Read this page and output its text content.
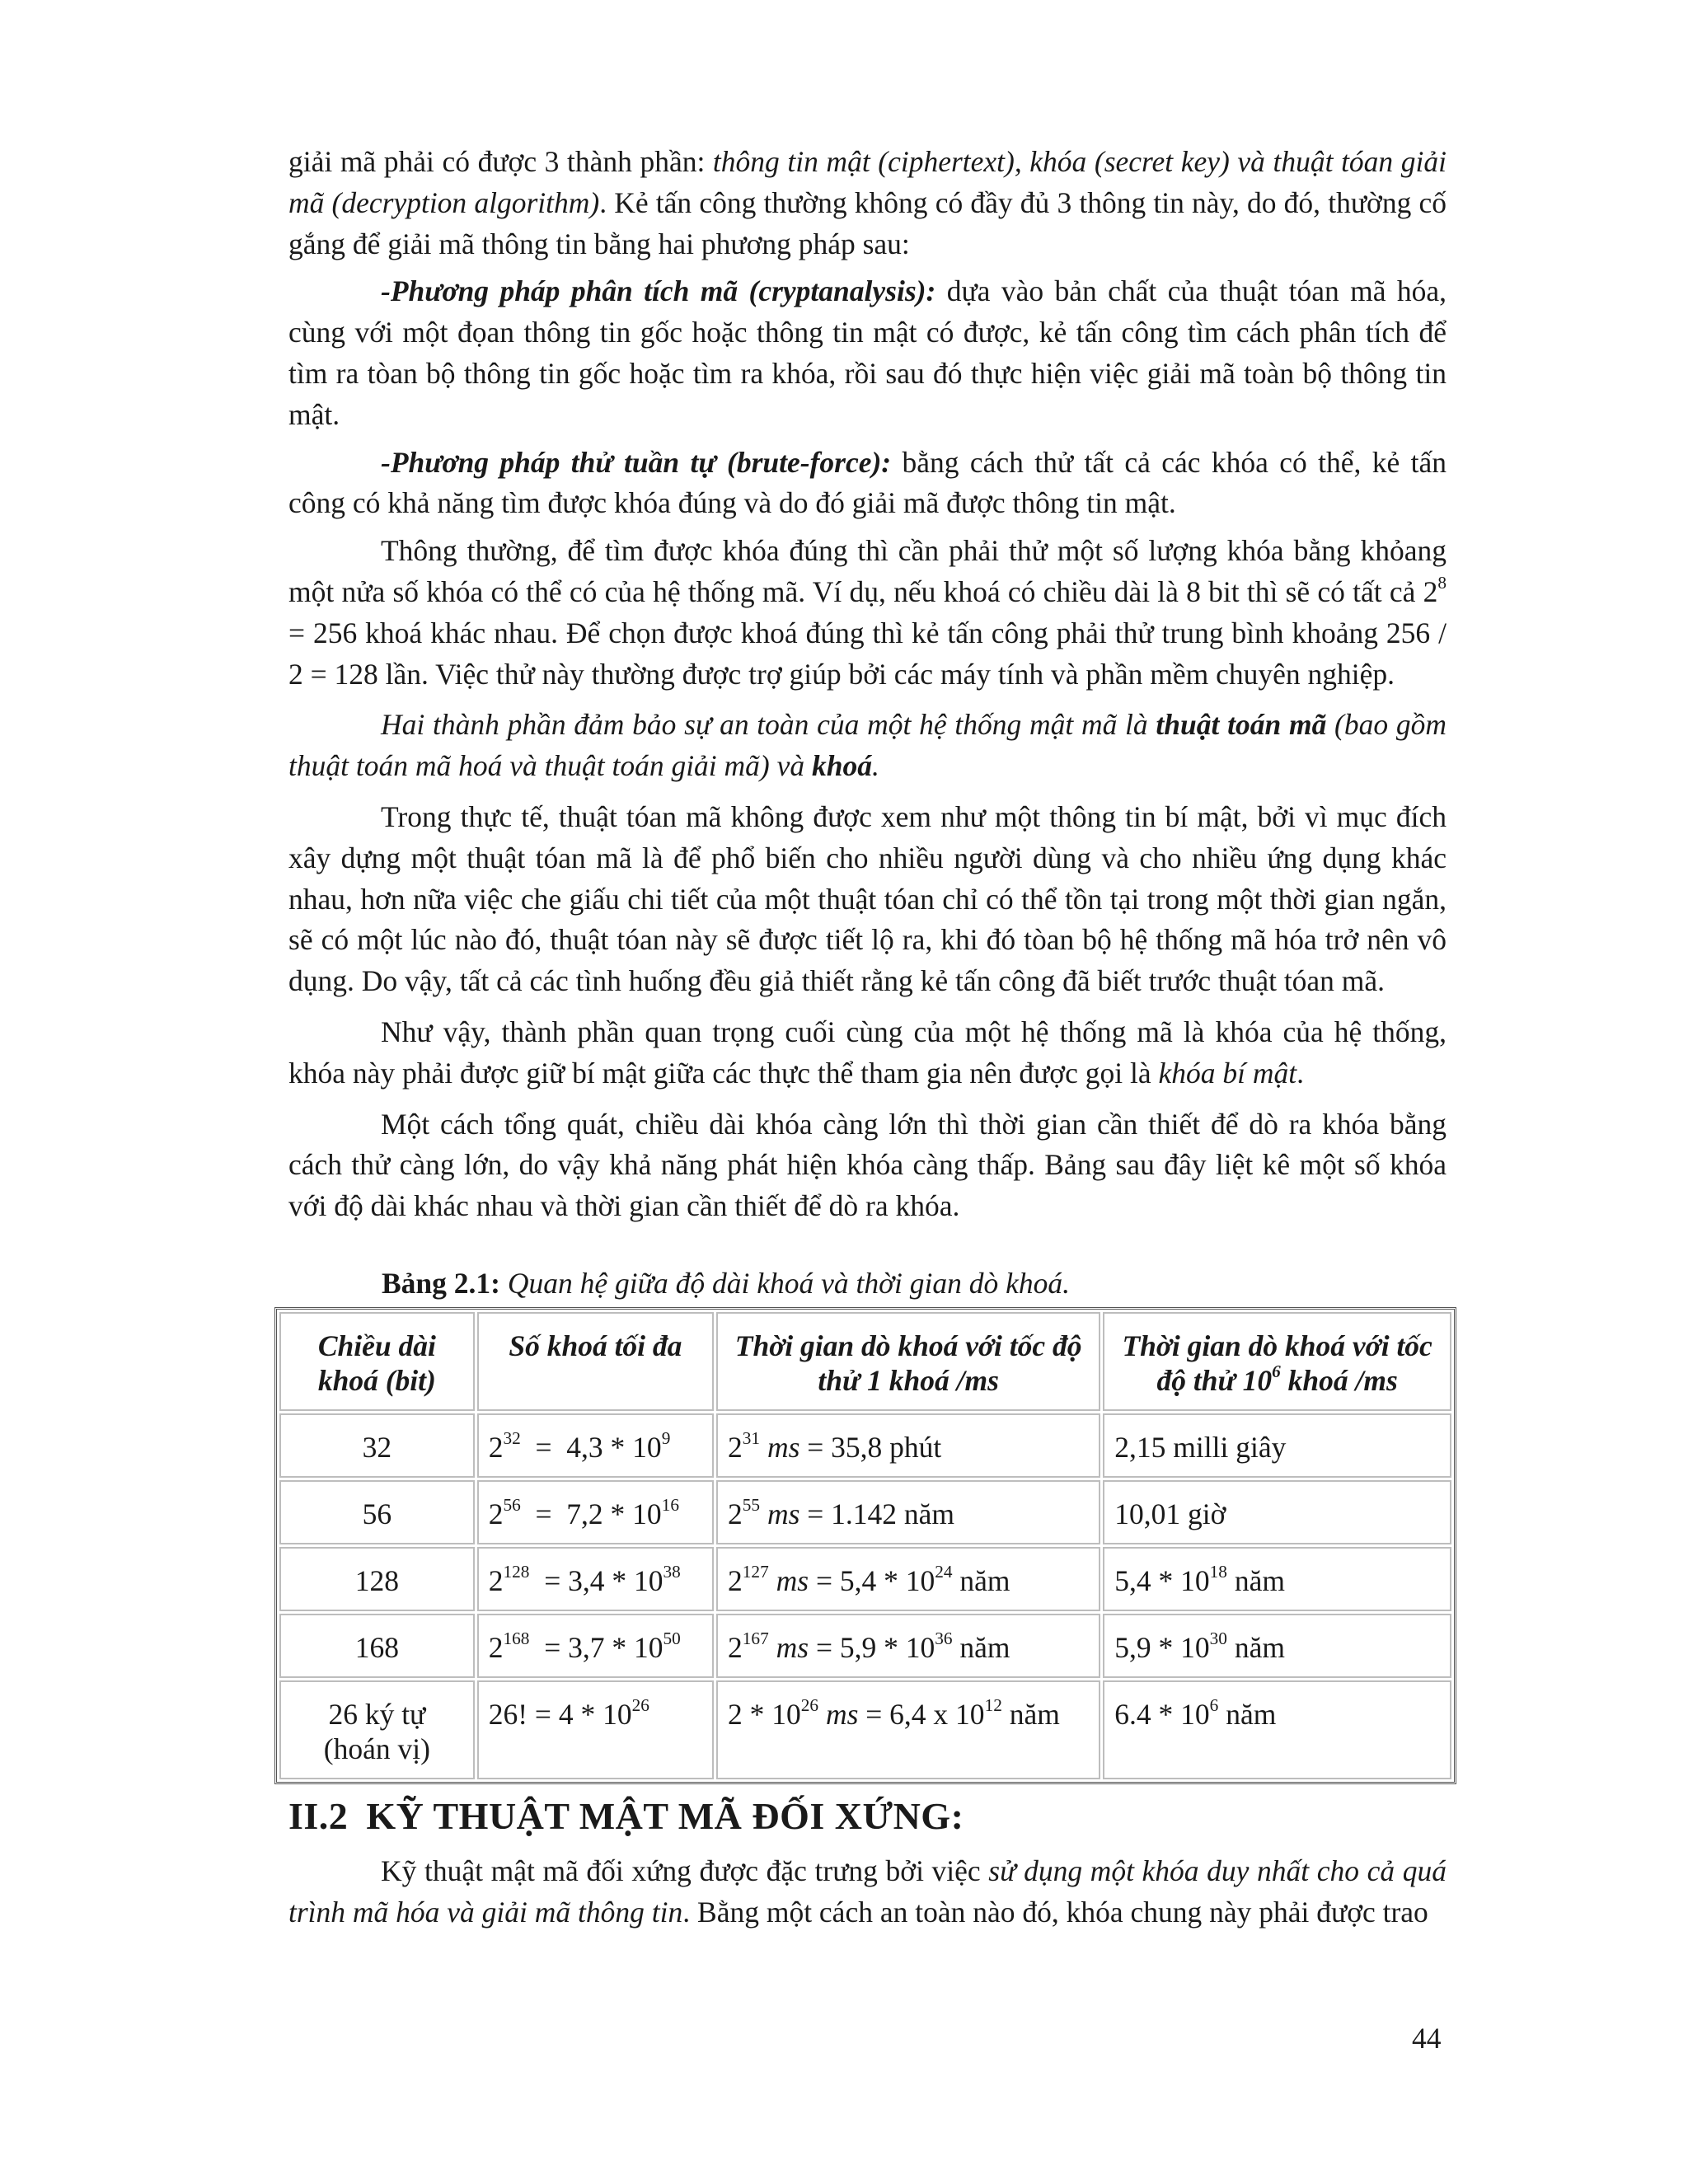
giải mã phải có được 3 thành phần: thông tin mật (ciphertext), khóa (secret key) và thuật tóan giải mã (decryption algorithm). Kẻ tấn công thường không có đầy đủ 3 thông tin này, do đó, thường cố gắng để giải mã thông tin bằng hai phương pháp sau:

-Phương pháp phân tích mã (cryptanalysis): dựa vào bản chất của thuật tóan mã hóa, cùng với một đọan thông tin gốc hoặc thông tin mật có được, kẻ tấn công tìm cách phân tích để tìm ra tòan bộ thông tin gốc hoặc tìm ra khóa, rồi sau đó thực hiện việc giải mã toàn bộ thông tin mật.

-Phương pháp thử tuần tự (brute-force): bằng cách thử tất cả các khóa có thể, kẻ tấn công có khả năng tìm được khóa đúng và do đó giải mã được thông tin mật.

Thông thường, để tìm được khóa đúng thì cần phải thử một số lượng khóa bằng khỏang một nửa số khóa có thể có của hệ thống mã. Ví dụ, nếu khoá có chiều dài là 8 bit thì sẽ có tất cả $2^8 = 256$ khoá khác nhau. Để chọn được khoá đúng thì kẻ tấn công phải thử trung bình khoảng 256 / 2 = 128 lần. Việc thử này thường được trợ giúp bởi các máy tính và phần mềm chuyên nghiệp.

Hai thành phần đảm bảo sự an toàn của một hệ thống mật mã là thuật toán mã (bao gồm thuật toán mã hoá và thuật toán giải mã) và khoá.

Trong thực tế, thuật tóan mã không được xem như một thông tin bí mật, bởi vì mục đích xây dựng một thuật tóan mã là để phổ biến cho nhiều người dùng và cho nhiều ứng dụng khác nhau, hơn nữa việc che giấu chi tiết của một thuật tóan chỉ có thể tồn tại trong một thời gian ngắn, sẽ có một lúc nào đó, thuật tóan này sẽ được tiết lộ ra, khi đó tòan bộ hệ thống mã hóa trở nên vô dụng. Do vậy, tất cả các tình huống đều giả thiết rằng kẻ tấn công đã biết trước thuật tóan mã.

Như vậy, thành phần quan trọng cuối cùng của một hệ thống mã là khóa của hệ thống, khóa này phải được giữ bí mật giữa các thực thể tham gia nên được gọi là khóa bí mật.

Một cách tổng quát, chiều dài khóa càng lớn thì thời gian cần thiết để dò ra khóa bằng cách thử càng lớn, do vậy khả năng phát hiện khóa càng thấp. Bảng sau đây liệt kê một số khóa với độ dài khác nhau và thời gian cần thiết để dò ra khóa.

Bảng 2.1: Quan hệ giữa độ dài khoá và thời gian dò khoá.
Chiều dài khoá (bit)	Số khoá tối đa	Thời gian dò khoá với tốc độ thử 1 khoá /ms	Thời gian dò khoá với tốc độ thử $10^6$ khoá /ms
32	$2^{32} = 4,3 * 10^9$	$2^{31}$ ms = 35,8 phút	2,15 milli giây
56	$2^{56} = 7,2 * 10^{16}$	$2^{55}$ ms = 1.142 năm	10,01 giờ
128	$2^{128} = 3,4 * 10^{38}$	$2^{127}$ ms = $5,4 * 10^{24}$ năm	$5,4 * 10^{18}$ năm
168	$2^{168} = 3,7 * 10^{50}$	$2^{167}$ ms = $5,9 * 10^{36}$ năm	$5,9 * 10^{30}$ năm
26 ký tự
(hoán vị)	26! = $4 * 10^{26}$	$2 * 10^{26}$ ms = 6,4 x $10^{12}$ năm	$6.4 * 10^6$ năm
II.2 KỸ THUẬT MẬT MÃ ĐỐI XỨNG:

Kỹ thuật mật mã đối xứng được đặc trưng bởi việc sử dụng một khóa duy nhất cho cả quá trình mã hóa và giải mã thông tin. Bằng một cách an toàn nào đó, khóa chung này phải được trao

44
